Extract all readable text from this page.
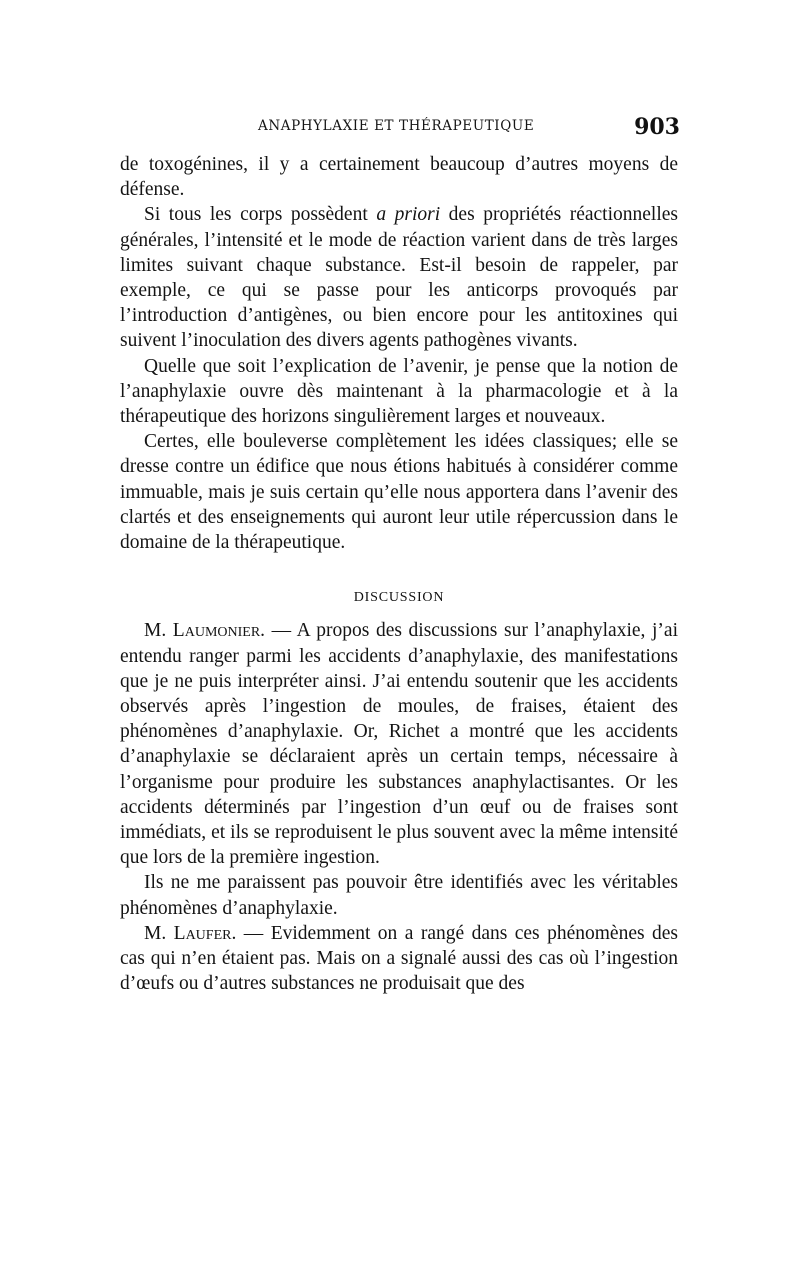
ANAPHYLAXIE ET THÉRAPEUTIQUE	903

de toxogénines, il y a certainement beaucoup d’autres moyens de défense.

Si tous les corps possèdent a priori des propriétés réactionnelles générales, l’intensité et le mode de réaction varient dans de très larges limites suivant chaque substance. Est-il besoin de rappeler, par exemple, ce qui se passe pour les anticorps provoqués par l’introduction d’antigènes, ou bien encore pour les antitoxines qui suivent l’inoculation des divers agents pathogènes vivants.

Quelle que soit l’explication de l’avenir, je pense que la notion de l’anaphylaxie ouvre dès maintenant à la pharmacologie et à la thérapeutique des horizons singulièrement larges et nouveaux.

Certes, elle bouleverse complètement les idées classiques; elle se dresse contre un édifice que nous étions habitués à considérer comme immuable, mais je suis certain qu’elle nous apportera dans l’avenir des clartés et des enseignements qui auront leur utile répercussion dans le domaine de la thérapeutique.

DISCUSSION

M. Laumonier. — A propos des discussions sur l’anaphylaxie, j’ai entendu ranger parmi les accidents d’anaphylaxie, des manifestations que je ne puis interpréter ainsi. J’ai entendu soutenir que les accidents observés après l’ingestion de moules, de fraises, étaient des phénomènes d’anaphylaxie. Or, Richet a montré que les accidents d’anaphylaxie se déclaraient après un certain temps, nécessaire à l’organisme pour produire les substances anaphylactisantes. Or les accidents déterminés par l’ingestion d’un œuf ou de fraises sont immédiats, et ils se reproduisent le plus souvent avec la même intensité que lors de la première ingestion.

Ils ne me paraissent pas pouvoir être identifiés avec les véritables phénomènes d’anaphylaxie.

M. Laufer. — Evidemment on a rangé dans ces phénomènes des cas qui n’en étaient pas. Mais on a signalé aussi des cas où l’ingestion d’œufs ou d’autres substances ne produisait que des
